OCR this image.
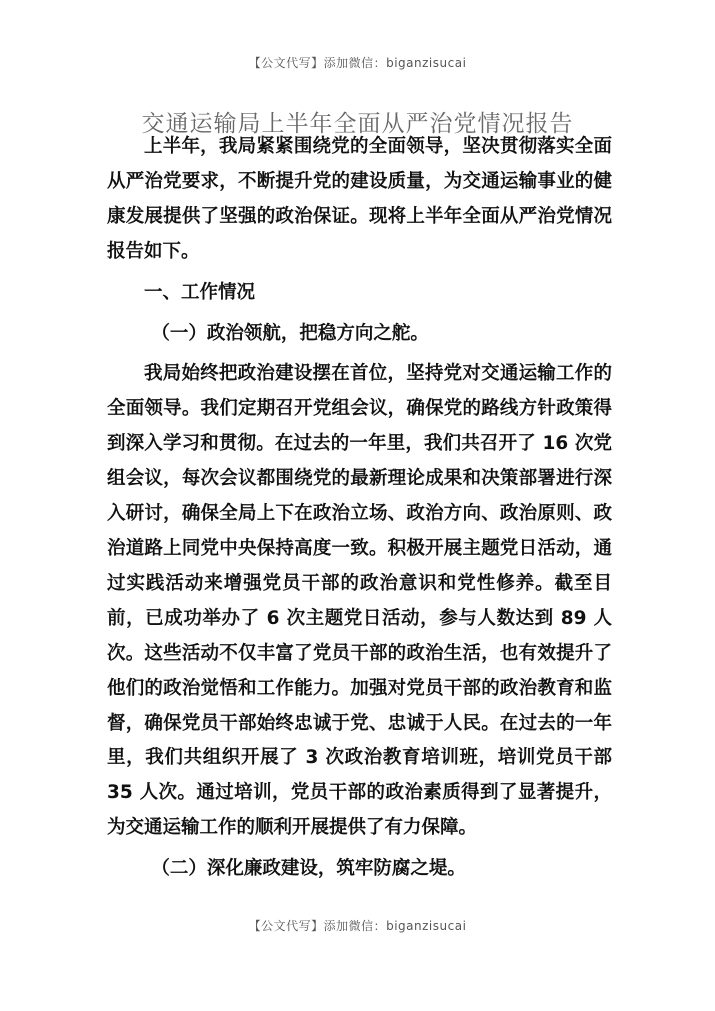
【公文代写】添加微信：biganzisucai
交通运输局上半年全面从严治党情况报告

上半年，我局紧紧围绕党的全面领导，坚决贯彻落实全面从严治党要求，不断提升党的建设质量，为交通运输事业的健康发展提供了坚强的政治保证。现将上半年全面从严治党情况报告如下。

一、工作情况

（一）政治领航，把稳方向之舵。

我局始终把政治建设摆在首位，坚持党对交通运输工作的全面领导。我们定期召开党组会议，确保党的路线方针政策得到深入学习和贯彻。在过去的一年里，我们共召开了 16 次党组会议，每次会议都围绕党的最新理论成果和决策部署进行深入研讨，确保全局上下在政治立场、政治方向、政治原则、政治道路上同党中央保持高度一致。积极开展主题党日活动，通过实践活动来增强党员干部的政治意识和党性修养。截至目前，已成功举办了 6 次主题党日活动，参与人数达到 89 人次。这些活动不仅丰富了党员干部的政治生活，也有效提升了他们的政治觉悟和工作能力。加强对党员干部的政治教育和监督，确保党员干部始终忠诚于党、忠诚于人民。在过去的一年里，我们共组织开展了 3 次政治教育培训班，培训党员干部 35 人次。通过培训，党员干部的政治素质得到了显著提升，为交通运输工作的顺利开展提供了有力保障。

（二）深化廉政建设，筑牢防腐之堤。

【公文代写】添加微信：biganzisucai
